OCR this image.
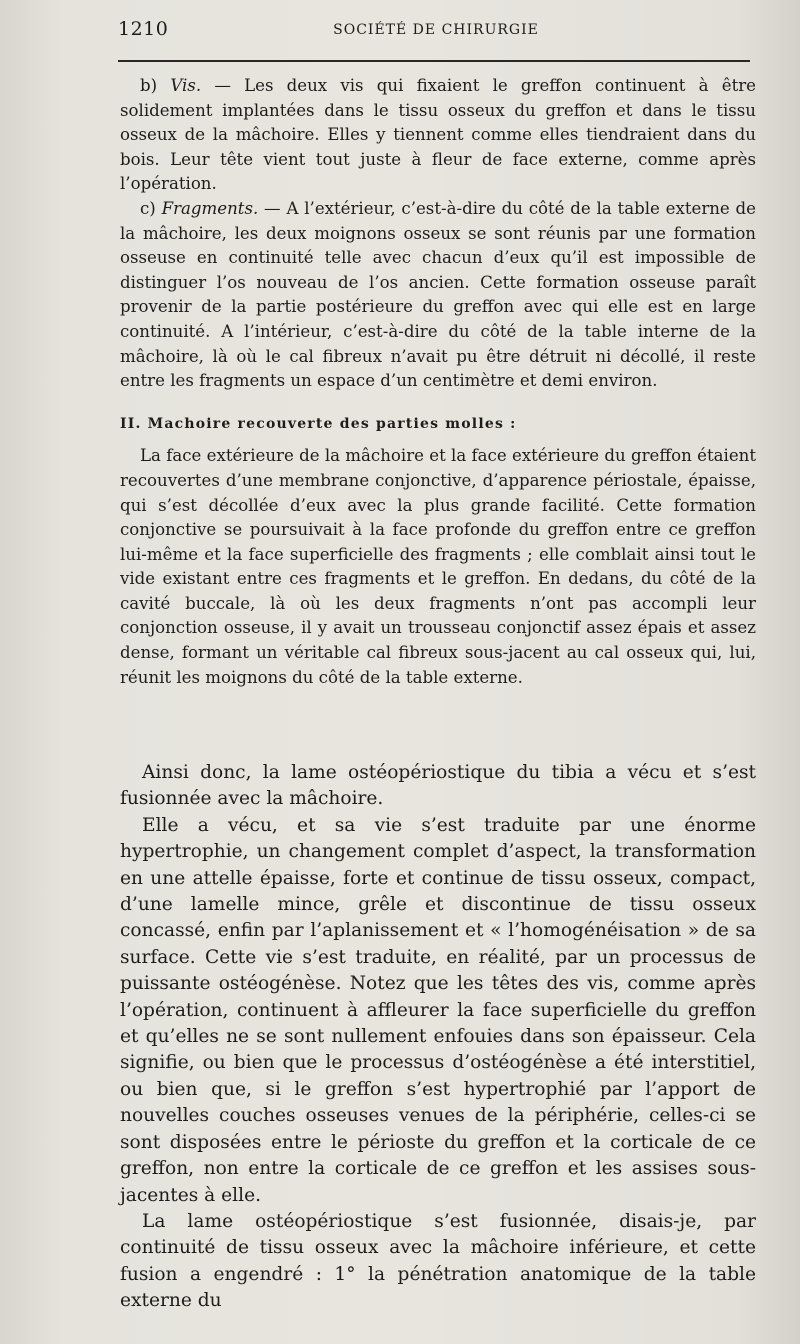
1210	SOCIÉTÉ DE CHIRURGIE

b) Vis. — Les deux vis qui fixaient le greffon continuent à être solidement implantées dans le tissu osseux du greffon et dans le tissu osseux de la mâchoire. Elles y tiennent comme elles tiendraient dans du bois. Leur tête vient tout juste à fleur de face externe, comme après l’opération.

c) Fragments. — A l’extérieur, c’est-à-dire du côté de la table externe de la mâchoire, les deux moignons osseux se sont réunis par une formation osseuse en continuité telle avec chacun d’eux qu’il est impossible de distinguer l’os nouveau de l’os ancien. Cette formation osseuse paraît provenir de la partie postérieure du greffon avec qui elle est en large continuité. A l’intérieur, c’est-à-dire du côté de la table interne de la mâchoire, là où le cal fibreux n’avait pu être détruit ni décollé, il reste entre les fragments un espace d’un centimètre et demi environ.

II. Machoire recouverte des parties molles :

La face extérieure de la mâchoire et la face extérieure du greffon étaient recouvertes d’une membrane conjonctive, d’apparence périostale, épaisse, qui s’est décollée d’eux avec la plus grande facilité. Cette formation conjonctive se poursuivait à la face profonde du greffon entre ce greffon lui-même et la face superficielle des fragments ; elle comblait ainsi tout le vide existant entre ces fragments et le greffon. En dedans, du côté de la cavité buccale, là où les deux fragments n’ont pas accompli leur conjonction osseuse, il y avait un trousseau conjonctif assez épais et assez dense, formant un véritable cal fibreux sous-jacent au cal osseux qui, lui, réunit les moignons du côté de la table externe.

Ainsi donc, la lame ostéopériostique du tibia a vécu et s’est fusionnée avec la mâchoire.

Elle a vécu, et sa vie s’est traduite par une énorme hypertrophie, un changement complet d’aspect, la transformation en une attelle épaisse, forte et continue de tissu osseux, compact, d’une lamelle mince, grêle et discontinue de tissu osseux concassé, enfin par l’aplanissement et « l’homogénéisation » de sa surface. Cette vie s’est traduite, en réalité, par un processus de puissante ostéogénèse. Notez que les têtes des vis, comme après l’opération, continuent à affleurer la face superficielle du greffon et qu’elles ne se sont nullement enfouies dans son épaisseur. Cela signifie, ou bien que le processus d’ostéogénèse a été interstitiel, ou bien que, si le greffon s’est hypertrophié par l’apport de nouvelles couches osseuses venues de la périphérie, celles-ci se sont disposées entre le périoste du greffon et la corticale de ce greffon, non entre la corticale de ce greffon et les assises sous-jacentes à elle.

La lame ostéopériostique s’est fusionnée, disais-je, par continuité de tissu osseux avec la mâchoire inférieure, et cette fusion a engendré : 1° la pénétration anatomique de la table externe du
